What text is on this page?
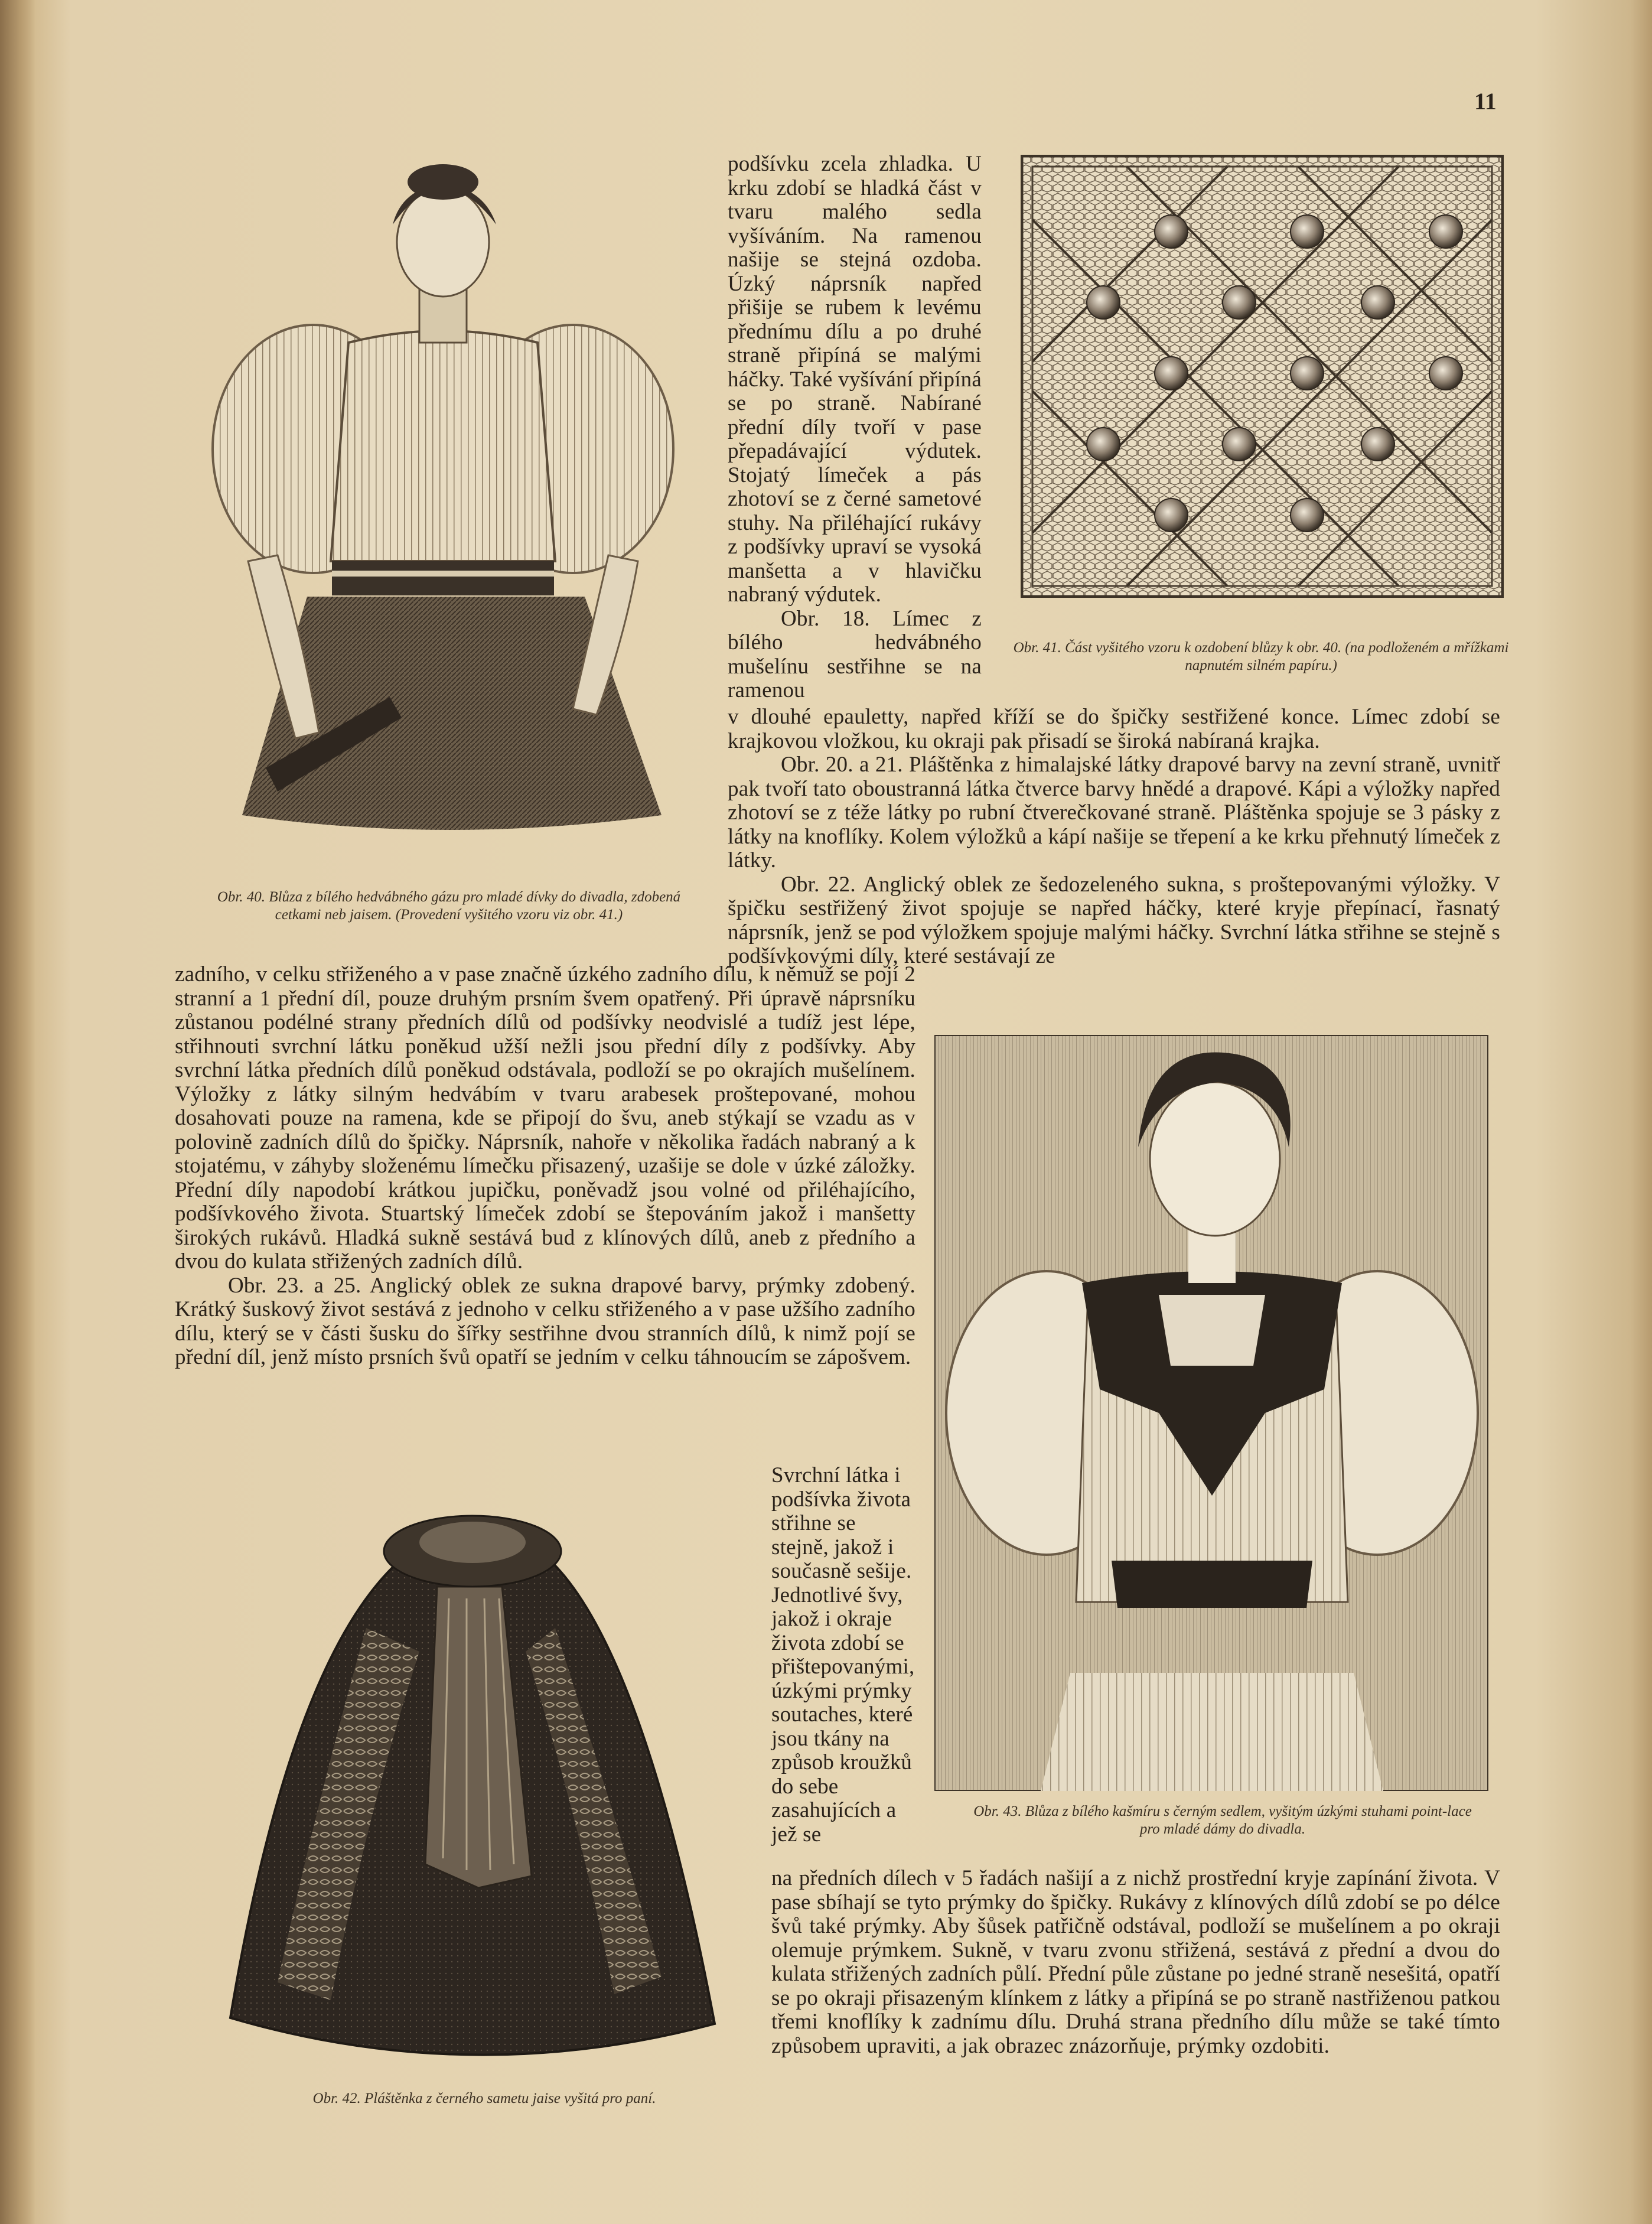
11
Obr. 40. Blůza z bílého hedvábného gázu pro mladé dívky do divadla, zdobená cetkami neb jaisem. (Provedení vyšitého vzoru viz obr. 41.)

podšívku zcela zhladka. U krku zdobí se hladká část v tvaru malého sedla vyšíváním. Na ramenou našije se stejná ozdoba. Úzký náprsník napřed přišije se rubem k levému přednímu dílu a po druhé straně připíná se malými háčky. Také vyšívání připíná se po straně. Nabírané přední díly tvoří v pase přepadávající výdutek. Stojatý límeček a pás zhotoví se z černé sametové stuhy. Na přiléhající rukávy z podšívky upraví se vysoká manšetta a v hlavičku nabraný výdutek.

Obr. 18. Límec z bílého hedvábného mušelínu sestřihne se na ramenou

Obr. 41. Část vyšitého vzoru k ozdobení blůzy k obr. 40. (na podloženém a mřížkami napnutém silném papíru.)

v dlouhé epauletty, napřed kříží se do špičky sestřižené konce. Límec zdobí se krajkovou vložkou, ku okraji pak přisadí se široká nabíraná krajka.

Obr. 20. a 21. Pláštěnka z himalajské látky drapové barvy na zevní straně, uvnitř pak tvoří tato oboustranná látka čtverce barvy hnědé a drapové. Kápi a výložky napřed zhotoví se z téže látky po rubní čtverečkované straně. Pláštěnka spojuje se 3 pásky z látky na knoflíky. Kolem výložků a kápí našije se třepení a ke krku přehnutý límeček z látky.

Obr. 22. Anglický oblek ze šedozeleného sukna, s proštepovanými výložky. V špičku sestřižený život spojuje se napřed háčky, které kryje přepínací, řasnatý náprsník, jenž se pod výložkem spojuje malými háčky. Svrchní látka střihne se stejně s podšívkovými díly, které sestávají ze

zadního, v celku střiženého a v pase značně úzkého zadního dílu, k němuž se pojí 2 stranní a 1 přední díl, pouze druhým prsním švem opatřený. Při úpravě náprsníku zůstanou podélné strany předních dílů od podšívky neodvislé a tudíž jest lépe, střihnouti svrchní látku poněkud užší nežli jsou přední díly z podšívky. Aby svrchní látka předních dílů poněkud odstávala, podloží se po okrajích mušelínem. Výložky z látky silným hedvábím v tvaru arabesek proštepované, mohou dosahovati pouze na ramena, kde se připojí do švu, aneb stýkají se vzadu as v polovině zadních dílů do špičky. Náprsník, nahoře v několika řadách nabraný a k stojatému, v záhyby složenému límečku přisazený, uzašije se dole v úzké záložky. Přední díly napodobí krátkou jupičku, poněvadž jsou volné od přiléhajícího, podšívkového života. Stuartský límeček zdobí se štepováním jakož i manšetty širokých rukávů. Hladká sukně sestává bud z klínových dílů, aneb z předního a dvou do kulata střižených zadních dílů.

Obr. 23. a 25. Anglický oblek ze sukna drapové barvy, prýmky zdobený. Krátký šuskový život sestává z jednoho v celku střiženého a v pase užšího zadního dílu, který se v části šusku do šířky sestřihne dvou stranních dílů, k nimž pojí se přední díl, jenž místo prsních švů opatří se jedním v celku táhnoucím se zápošvem.

Obr. 43. Blůza z bílého kašmíru s černým sedlem, vyšitým úzkými stuhami point-lace pro mladé dámy do divadla.
Obr. 42. Pláštěnka z černého sametu jaise vyšitá pro paní.

Svrchní látka i podšívka života střihne se stejně, jakož i současně sešije. Jednotlivé švy, jakož i okraje života zdobí se přištepovanými, úzkými prýmky soutaches, které jsou tkány na způsob kroužků do sebe zasahujících a jež se

na předních dílech v 5 řadách našijí a z nichž prostřední kryje zapínání života. V pase sbíhají se tyto prýmky do špičky. Rukávy z klínových dílů zdobí se po délce švů také prýmky. Aby šůsek patřičně odstával, podloží se mušelínem a po okraji olemuje prýmkem. Sukně, v tvaru zvonu střižená, sestává z přední a dvou do kulata střižených zadních půlí. Přední půle zůstane po jedné straně nesešitá, opatří se po okraji přisazeným klínkem z látky a připíná se po straně nastřiženou patkou třemi knoflíky k zadnímu dílu. Druhá strana předního dílu může se také tímto způsobem upraviti, a jak obrazec znázorňuje, prýmky ozdobiti.
